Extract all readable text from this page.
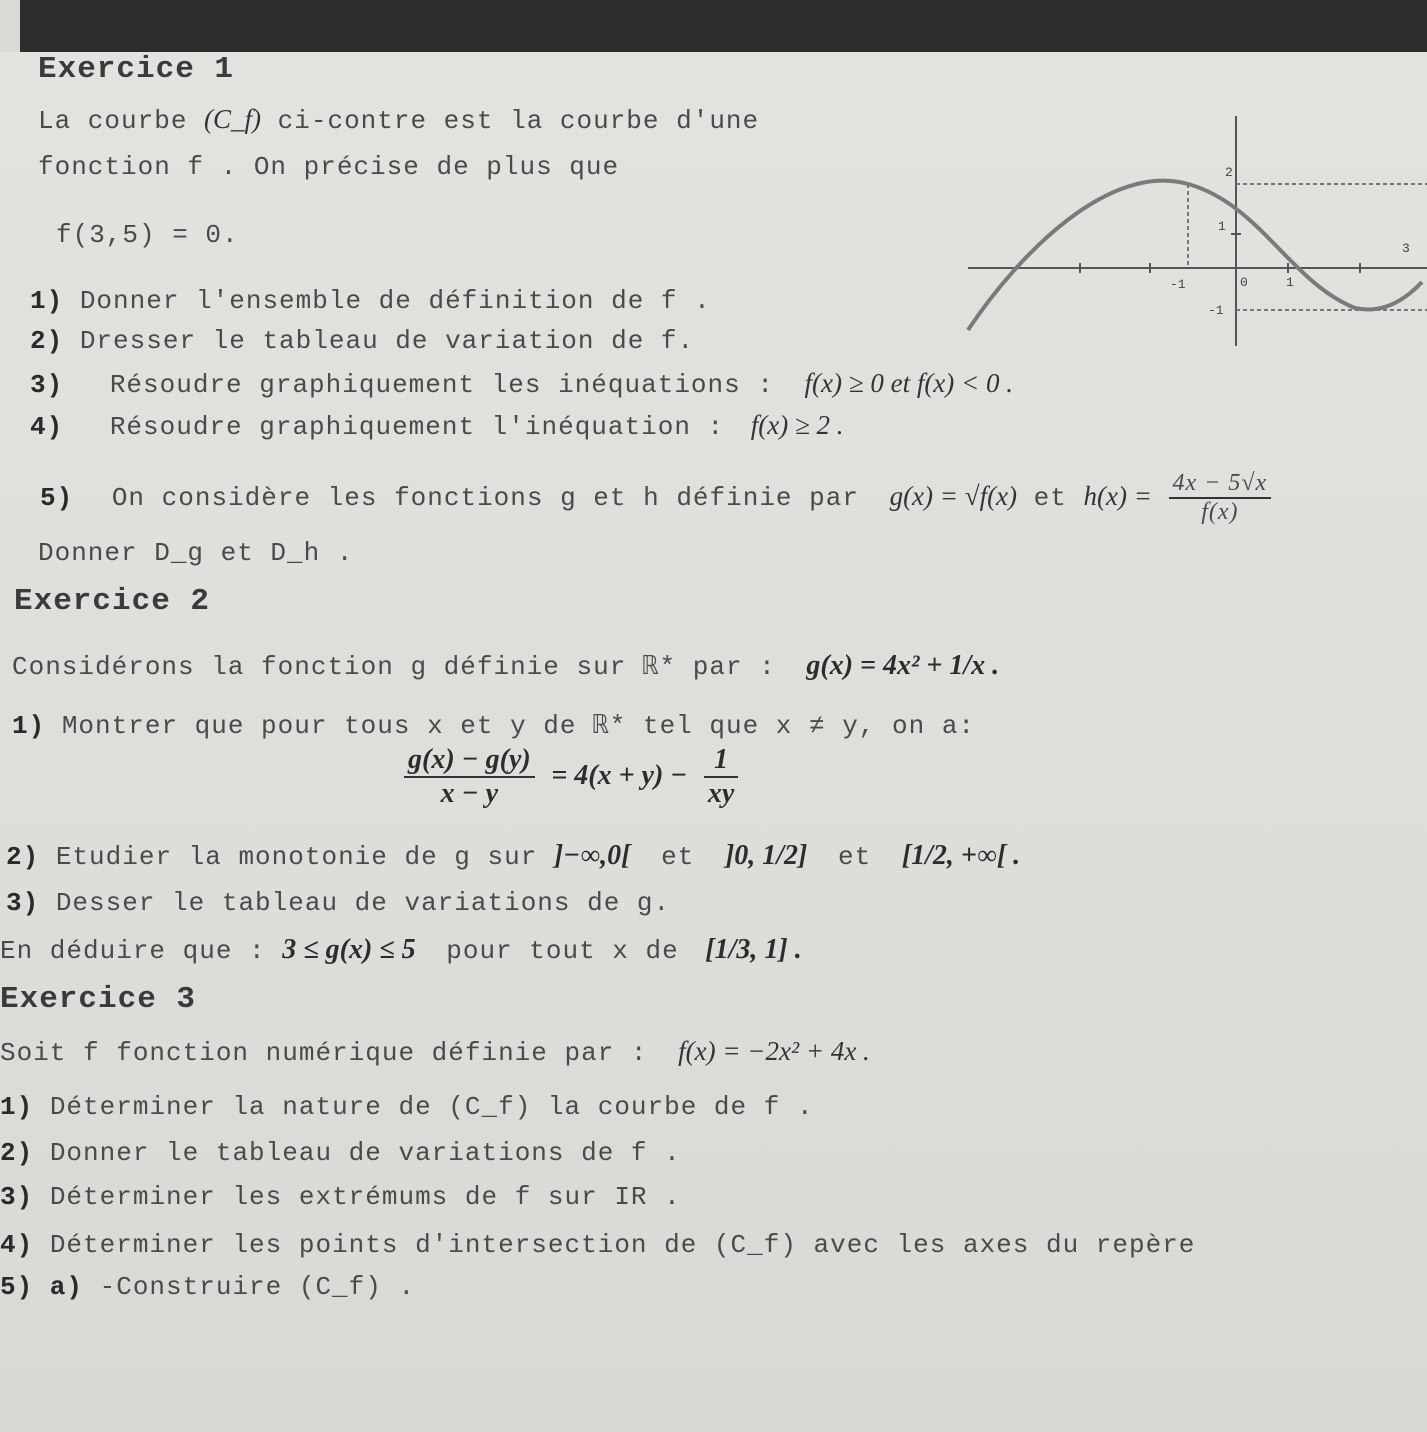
Exercice 1
La courbe (C_f) ci-contre est la courbe d'une
fonction f . On précise de plus que
f(3,5) = 0.
1) Donner l'ensemble de définition de f .
2) Dresser le tableau de variation de f.
3) Résoudre graphiquement les inéquations : f(x) ≥ 0 et f(x) < 0 .
4) Résoudre graphiquement l'inéquation : f(x) ≥ 2 .
5) On considère les fonctions g et h définie par g(x) = √f(x) et $h(x) = \frac{4x - 5√x}{f(x)}$
Donner D_g et D_h .
2
1
-1	0	1
3
-1
Exercice 2
Considérons la fonction g définie sur ℝ* par : g(x) = 4x² + 1/x .
1) Montrer que pour tous x et y de ℝ* tel que x ≠ y, on a:
$\frac{g(x) - g(y)}{x - y} = 4(x + y) - \frac{1}{xy}$
2) Etudier la monotonie de g sur ]−∞,0[ et ]0, 1/2] et [1/2, +∞[ .
3) Desser le tableau de variations de g.
En déduire que : 3 ≤ g(x) ≤ 5 pour tout x de [1/3, 1] .
Exercice 3
Soit f fonction numérique définie par : f(x) = −2x² + 4x .
1) Déterminer la nature de (C_f) la courbe de f .
2) Donner le tableau de variations de f .
3) Déterminer les extrémums de f sur IR .
4) Déterminer les points d'intersection de (C_f) avec les axes du repère
5) a) -Construire (C_f) .
